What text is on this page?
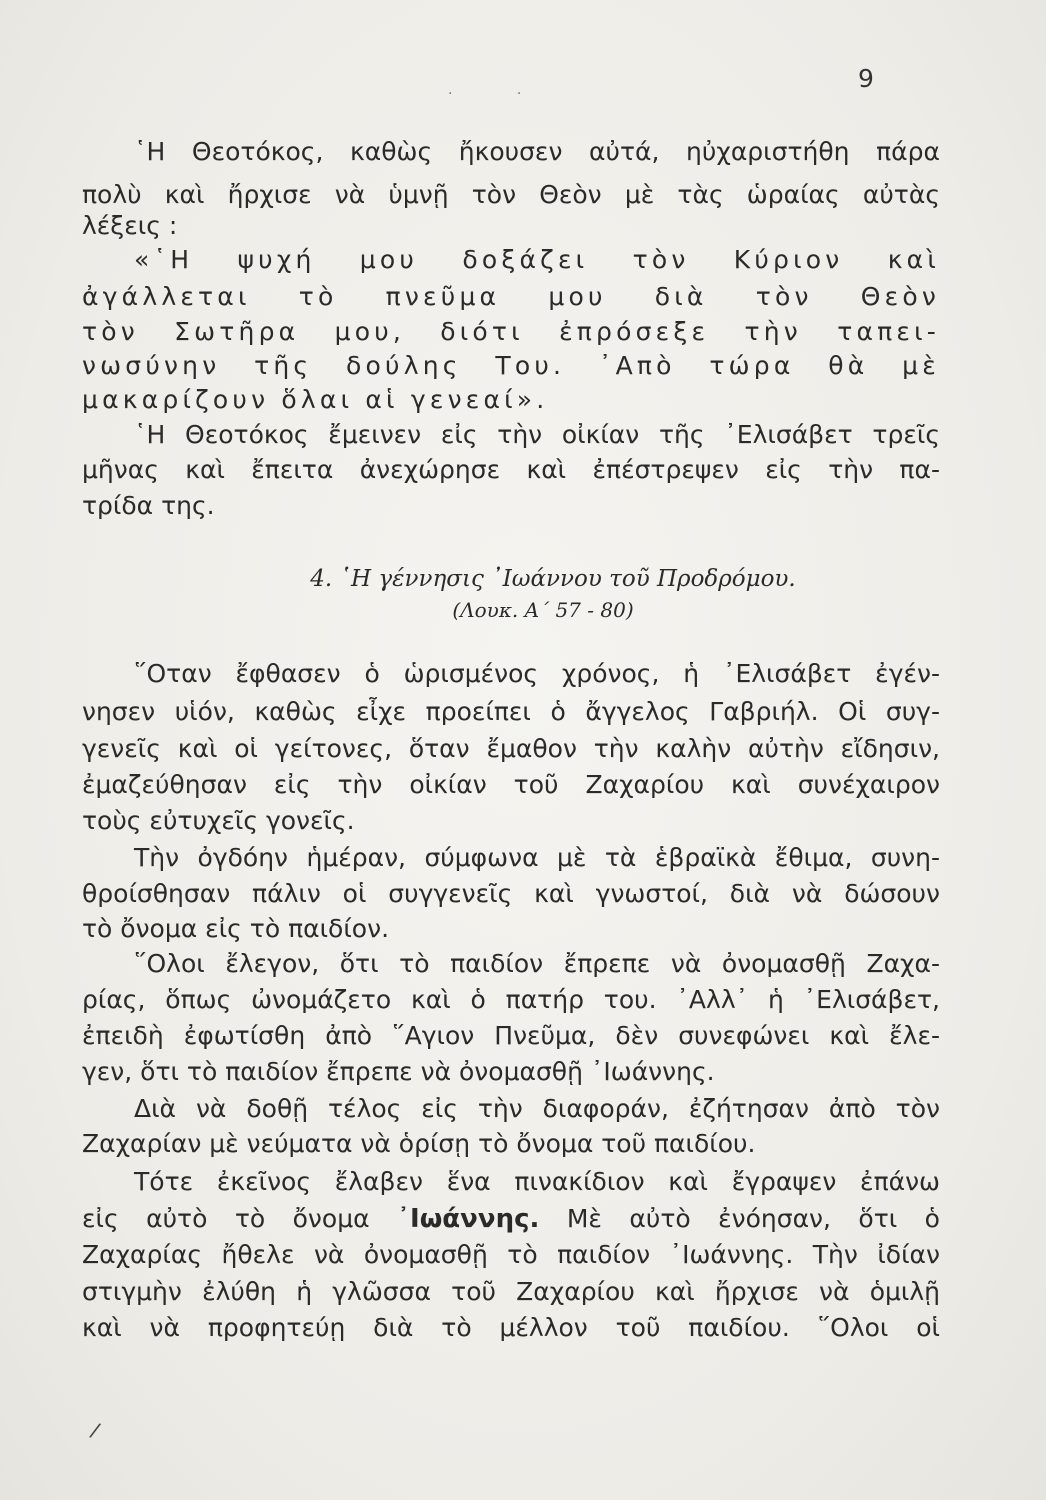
. .	9
῾Η Θεοτόκος, καθὼς ἤκουσεν αὐτά, ηὐχαριστήθη πάρα
πολὺ καὶ ἤρχισε νὰ ὑμνῇ τὸν Θεὸν μὲ τὰς ὡραίας αὐτὰς
λέξεις :
«῾Η ψυχή μου δοξάζει τὸν Κύριον καὶ
ἀγάλλεται τὸ πνεῦμα μου διὰ τὸν Θεὸν
τὸν Σωτῆρα μου, διότι ἐπρόσεξε τὴν ταπει-
νωσύνην τῆς δούλης Του. ᾿Απὸ τώρα θὰ μὲ
μακαρίζουν ὅλαι αἱ γενεαί».
῾Η Θεοτόκος ἔμεινεν εἰς τὴν οἰκίαν τῆς ᾿Ελισάβετ τρεῖς
μῆνας καὶ ἔπειτα ἀνεχώρησε καὶ ἐπέστρεψεν εἰς τὴν πα-
τρίδα της.
4. ῾Η γέννησις ᾿Ιωάννου τοῦ Προδρόμου.
(Λουκ. Α΄ 57 - 80)
῞Οταν ἔφθασεν ὁ ὡρισμένος χρόνος, ἡ ᾿Ελισάβετ ἐγέν-
νησεν υἱόν, καθὼς εἶχε προείπει ὁ ἄγγελος Γαβριήλ. Οἱ συγ-
γενεῖς καὶ οἱ γείτονες, ὅταν ἔμαθον τὴν καλὴν αὐτὴν εἴδησιν,
ἐμαζεύθησαν εἰς τὴν οἰκίαν τοῦ Ζαχαρίου καὶ συνέχαιρον
τοὺς εὐτυχεῖς γονεῖς.
Τὴν ὀγδόην ἡμέραν, σύμφωνα μὲ τὰ ἑβραϊκὰ ἔθιμα, συνη-
θροίσθησαν πάλιν οἱ συγγενεῖς καὶ γνωστοί, διὰ νὰ δώσουν
τὸ ὄνομα εἰς τὸ παιδίον.
῞Ολοι ἔλεγον, ὅτι τὸ παιδίον ἔπρεπε νὰ ὀνομασθῇ Ζαχα-
ρίας, ὅπως ὠνομάζετο καὶ ὁ πατήρ του. ᾿Αλλ᾿ ἡ ᾿Ελισάβετ,
ἐπειδὴ ἐφωτίσθη ἀπὸ ῞Αγιον Πνεῦμα, δὲν συνεφώνει καὶ ἔλε-
γεν, ὅτι τὸ παιδίον ἔπρεπε νὰ ὀνομασθῇ ᾿Ιωάννης.
Διὰ νὰ δοθῇ τέλος εἰς τὴν διαφοράν, ἐζήτησαν ἀπὸ τὸν
Ζαχαρίαν μὲ νεύματα νὰ ὁρίσῃ τὸ ὄνομα τοῦ παιδίου.
Τότε ἐκεῖνος ἔλαβεν ἕνα πινακίδιον καὶ ἔγραψεν ἐπάνω
εἰς αὐτὸ τὸ ὄνομα ᾿Ιωάννης. Μὲ αὐτὸ ἐνόησαν, ὅτι ὁ
Ζαχαρίας ἤθελε νὰ ὀνομασθῇ τὸ παιδίον ᾿Ιωάννης. Τὴν ἰδίαν
στιγμὴν ἐλύθη ἡ γλῶσσα τοῦ Ζαχαρίου καὶ ἤρχισε νὰ ὁμιλῇ
καὶ νὰ προφητεύῃ διὰ τὸ μέλλον τοῦ παιδίου. ῞Ολοι οἱ
/
